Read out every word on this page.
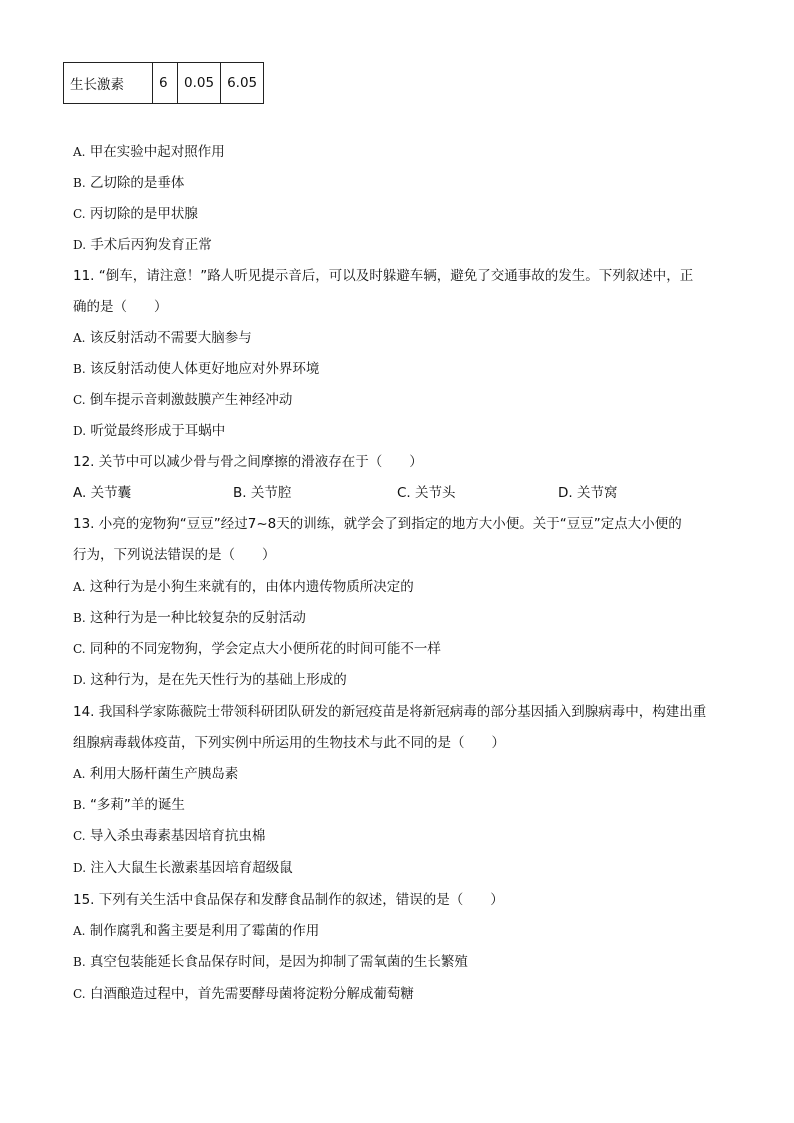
生长激素	6	0.05	6.05
A. 甲在实验中起对照作用
B. 乙切除的是垂体
C. 丙切除的是甲状腺
D. 手术后丙狗发育正常
11. “倒车，请注意！”路人听见提示音后，可以及时躲避车辆，避免了交通事故的发生。下列叙述中，正
确的是（　　）
A. 该反射活动不需要大脑参与
B. 该反射活动使人体更好地应对外界环境
C. 倒车提示音刺激鼓膜产生神经冲动
D. 听觉最终形成于耳蜗中
12. 关节中可以减少骨与骨之间摩擦的滑液存在于（　　）
A. 关节囊	B. 关节腔	C. 关节头	D. 关节窝
13. 小亮的宠物狗“豆豆”经过7~8天的训练，就学会了到指定的地方大小便。关于“豆豆”定点大小便的
行为，下列说法错误的是（　　）
A. 这种行为是小狗生来就有的，由体内遗传物质所决定的
B. 这种行为是一种比较复杂的反射活动
C. 同种的不同宠物狗，学会定点大小便所花的时间可能不一样
D. 这种行为，是在先天性行为的基础上形成的
14. 我国科学家陈薇院士带领科研团队研发的新冠疫苗是将新冠病毒的部分基因插入到腺病毒中，构建出重
组腺病毒载体疫苗，下列实例中所运用的生物技术与此不同的是（　　）
A. 利用大肠杆菌生产胰岛素
B. “多莉”羊的诞生
C. 导入杀虫毒素基因培育抗虫棉
D. 注入大鼠生长激素基因培育超级鼠
15. 下列有关生活中食品保存和发酵食品制作的叙述，错误的是（　　）
A. 制作腐乳和酱主要是利用了霉菌的作用
B. 真空包装能延长食品保存时间，是因为抑制了需氧菌的生长繁殖
C. 白酒酿造过程中，首先需要酵母菌将淀粉分解成葡萄糖
